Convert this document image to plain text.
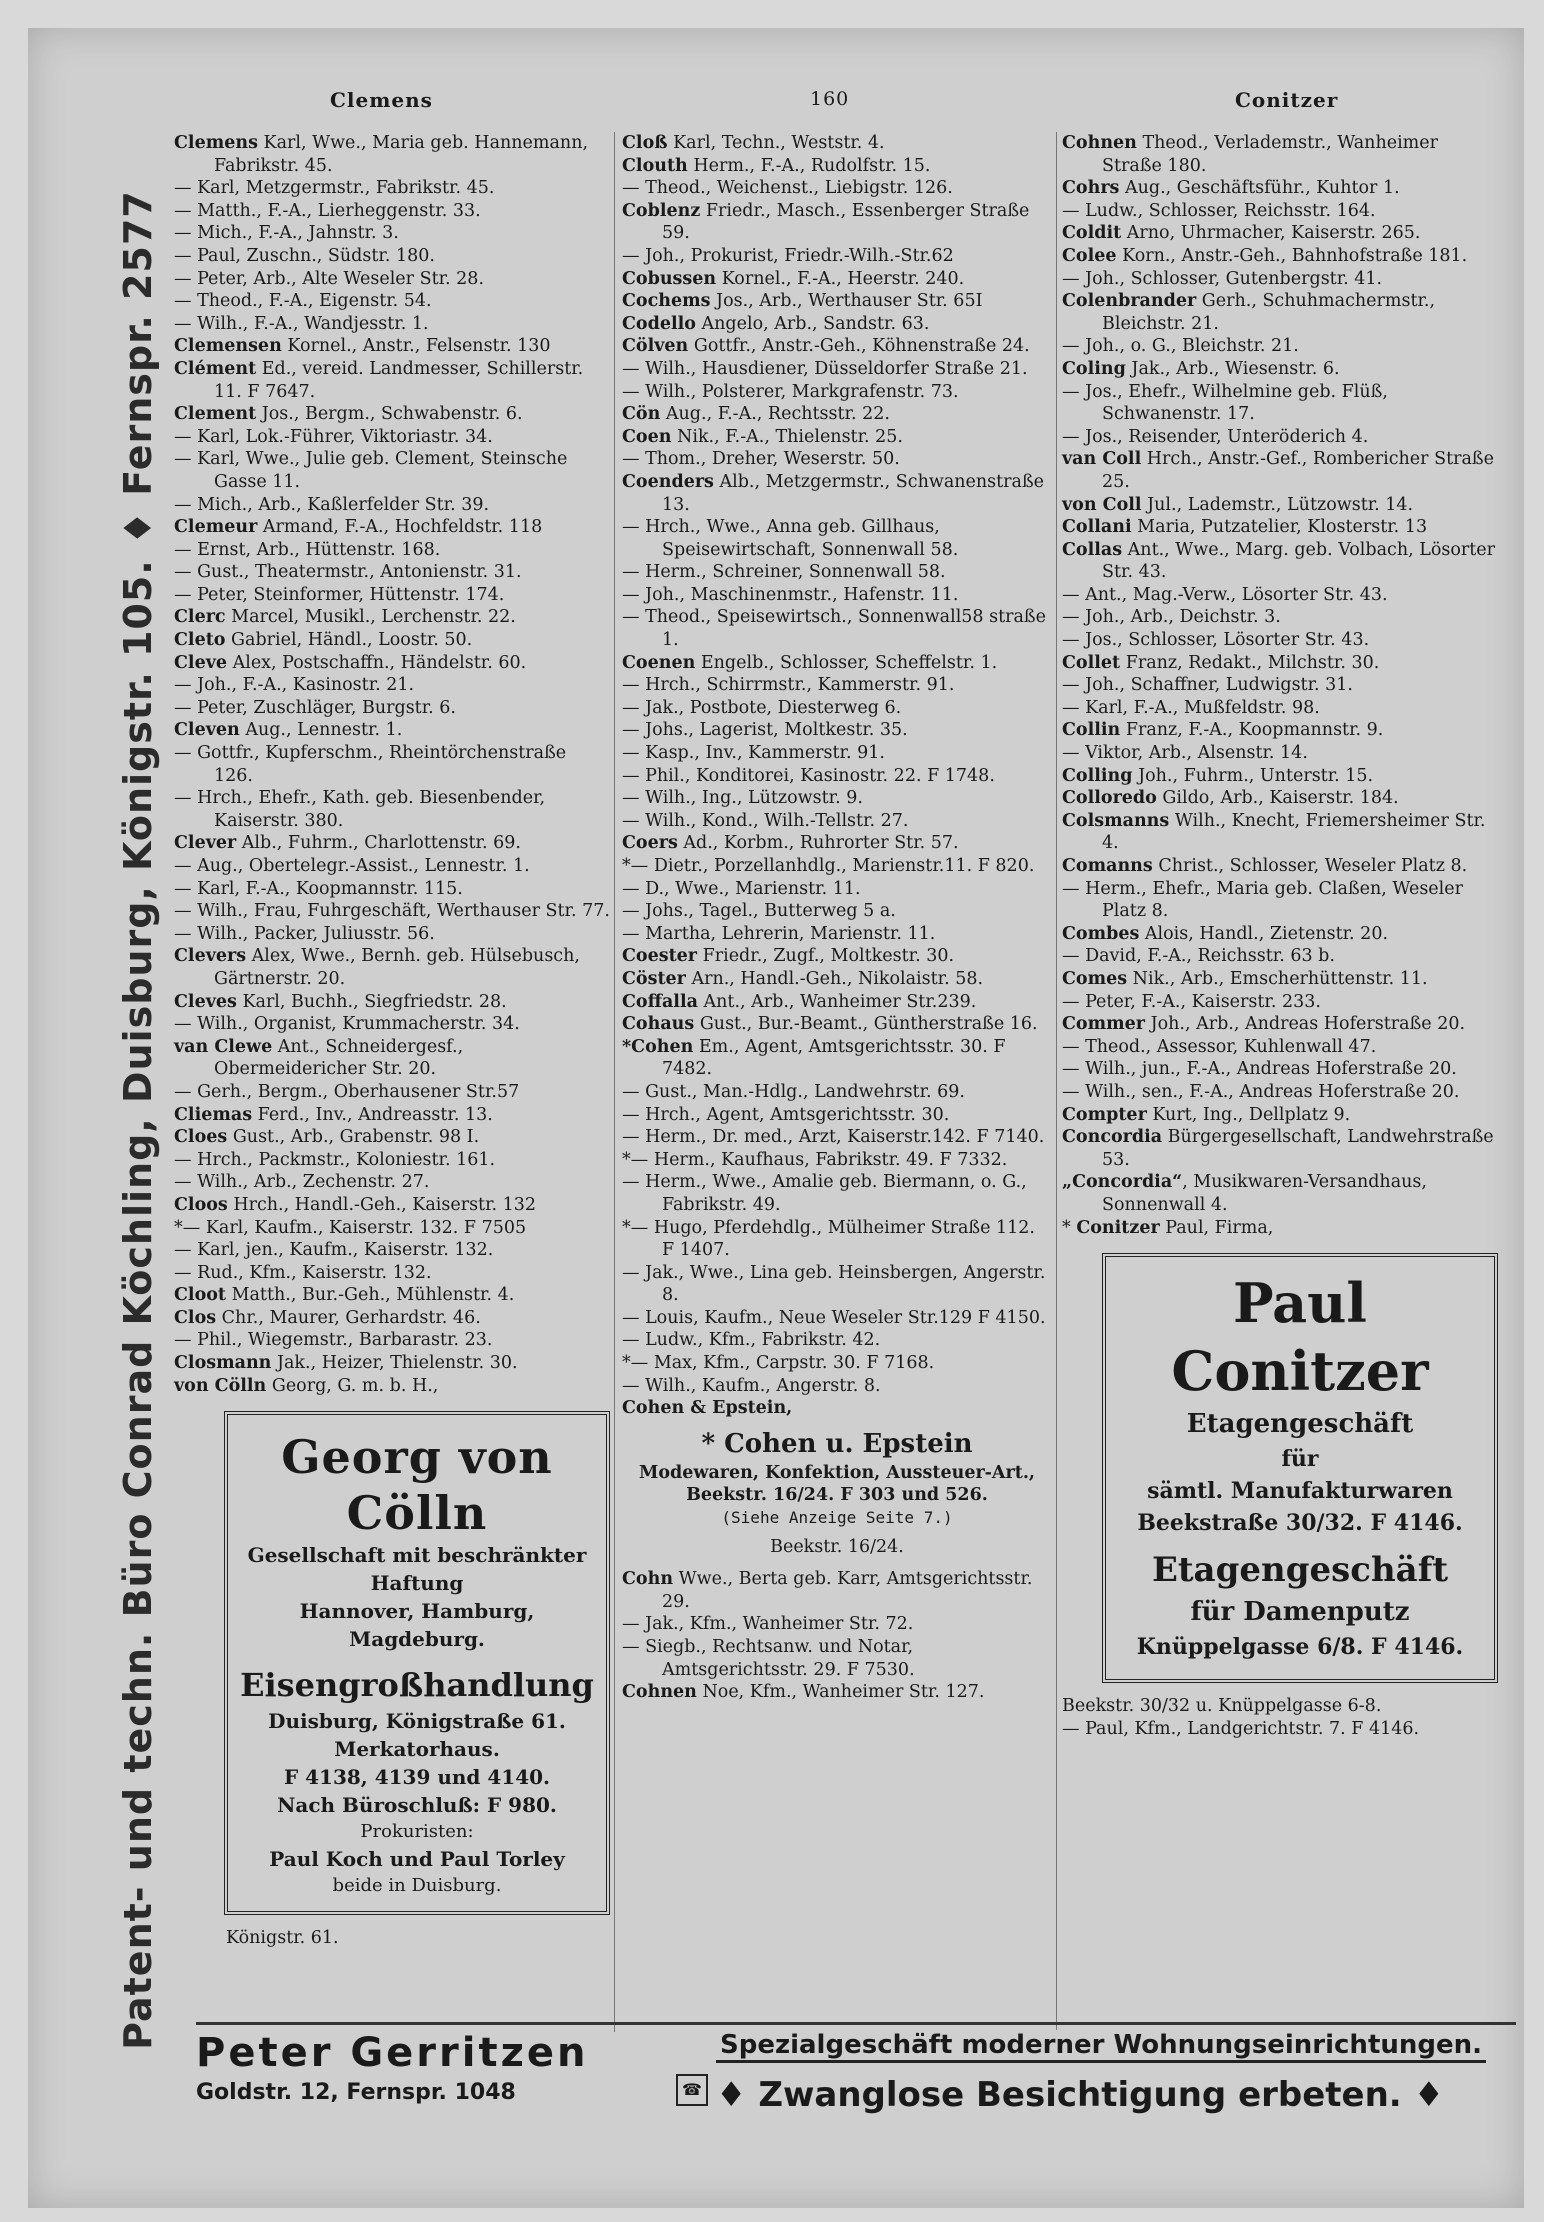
Patent- und techn. Büro Conrad Köchling, Duisburg, Königstr. 105. ♦ Fernspr. 2577
Clemens	160	Conitzer
Clemens Karl, Wwe., Maria geb. Hannemann, Fabrikstr. 45.
— Karl, Metzgermstr., Fabrikstr. 45.
— Matth., F.-A., Lierheggenstr. 33.
— Mich., F.-A., Jahnstr. 3.
— Paul, Zuschn., Südstr. 180.
— Peter, Arb., Alte Weseler Str. 28.
— Theod., F.-A., Eigenstr. 54.
— Wilh., F.-A., Wandjesstr. 1.
Clemensen Kornel., Anstr., Felsenstr. 130
Clément Ed., vereid. Landmesser, Schillerstr. 11. F 7647.
Clement Jos., Bergm., Schwabenstr. 6.
— Karl, Lok.-Führer, Viktoriastr. 34.
— Karl, Wwe., Julie geb. Clement, Steinsche Gasse 11.
— Mich., Arb., Kaßlerfelder Str. 39.
Clemeur Armand, F.-A., Hochfeldstr. 118
— Ernst, Arb., Hüttenstr. 168.
— Gust., Theatermstr., Antonienstr. 31.
— Peter, Steinformer, Hüttenstr. 174.
Clerc Marcel, Musikl., Lerchenstr. 22.
Cleto Gabriel, Händl., Loostr. 50.
Cleve Alex, Postschaffn., Händelstr. 60.
— Joh., F.-A., Kasinostr. 21.
— Peter, Zuschläger, Burgstr. 6.
Cleven Aug., Lennestr. 1.
— Gottfr., Kupferschm., Rheintörchenstraße 126.
— Hrch., Ehefr., Kath. geb. Biesenbender, Kaiserstr. 380.
Clever Alb., Fuhrm., Charlottenstr. 69.
— Aug., Obertelegr.-Assist., Lennestr. 1.
— Karl, F.-A., Koopmannstr. 115.
— Wilh., Frau, Fuhrgeschäft, Werthauser Str. 77.
— Wilh., Packer, Juliusstr. 56.
Clevers Alex, Wwe., Bernh. geb. Hülsebusch, Gärtnerstr. 20.
Cleves Karl, Buchh., Siegfriedstr. 28.
— Wilh., Organist, Krummacherstr. 34.
van Clewe Ant., Schneidergesf., Obermeidericher Str. 20.
— Gerh., Bergm., Oberhausener Str.57
Cliemas Ferd., Inv., Andreasstr. 13.
Cloes Gust., Arb., Grabenstr. 98 I.
— Hrch., Packmstr., Koloniestr. 161.
— Wilh., Arb., Zechenstr. 27.
Cloos Hrch., Handl.-Geh., Kaiserstr. 132
*— Karl, Kaufm., Kaiserstr. 132. F 7505
— Karl, jen., Kaufm., Kaiserstr. 132.
— Rud., Kfm., Kaiserstr. 132.
Cloot Matth., Bur.-Geh., Mühlenstr. 4.
Clos Chr., Maurer, Gerhardstr. 46.
— Phil., Wiegemstr., Barbarastr. 23.
Closmann Jak., Heizer, Thielenstr. 30.
von Cölln Georg, G. m. b. H.,
Georg von Cölln
Gesellschaft mit beschränkter Haftung
Hannover, Hamburg, Magdeburg.
Eisengroßhandlung
Duisburg, Königstraße 61.
Merkatorhaus.
F 4138, 4139 und 4140.
Nach Büroschluß: F 980.
Prokuristen:
Paul Koch und Paul Torley
beide in Duisburg.
Königstr. 61.
Cloß Karl, Techn., Weststr. 4.
Clouth Herm., F.-A., Rudolfstr. 15.
— Theod., Weichenst., Liebigstr. 126.
Coblenz Friedr., Masch., Essenberger Straße 59.
— Joh., Prokurist, Friedr.-Wilh.-Str.62
Cobussen Kornel., F.-A., Heerstr. 240.
Cochems Jos., Arb., Werthauser Str. 65I
Codello Angelo, Arb., Sandstr. 63.
Cölven Gottfr., Anstr.-Geh., Köhnenstraße 24.
— Wilh., Hausdiener, Düsseldorfer Straße 21.
— Wilh., Polsterer, Markgrafenstr. 73.
Cön Aug., F.-A., Rechtsstr. 22.
Coen Nik., F.-A., Thielenstr. 25.
— Thom., Dreher, Weserstr. 50.
Coenders Alb., Metzgermstr., Schwanenstraße 13.
— Hrch., Wwe., Anna geb. Gillhaus, Speisewirtschaft, Sonnenwall 58.
— Herm., Schreiner, Sonnenwall 58.
— Joh., Maschinenmstr., Hafenstr. 11.
— Theod., Speisewirtsch., Sonnenwall58 straße 1.
Coenen Engelb., Schlosser, Scheffelstr. 1.
— Hrch., Schirrmstr., Kammerstr. 91.
— Jak., Postbote, Diesterweg 6.
— Johs., Lagerist, Moltkestr. 35.
— Kasp., Inv., Kammerstr. 91.
— Phil., Konditorei, Kasinostr. 22. F 1748.
— Wilh., Ing., Lützowstr. 9.
— Wilh., Kond., Wilh.-Tellstr. 27.
Coers Ad., Korbm., Ruhrorter Str. 57.
*— Dietr., Porzellanhdlg., Marienstr.11. F 820.
— D., Wwe., Marienstr. 11.
— Johs., Tagel., Butterweg 5 a.
— Martha, Lehrerin, Marienstr. 11.
Coester Friedr., Zugf., Moltkestr. 30.
Cöster Arn., Handl.-Geh., Nikolaistr. 58.
Coffalla Ant., Arb., Wanheimer Str.239.
Cohaus Gust., Bur.-Beamt., Güntherstraße 16.
*Cohen Em., Agent, Amtsgerichtsstr. 30. F 7482.
— Gust., Man.-Hdlg., Landwehrstr. 69.
— Hrch., Agent, Amtsgerichtsstr. 30.
— Herm., Dr. med., Arzt, Kaiserstr.142. F 7140.
*— Herm., Kaufhaus, Fabrikstr. 49. F 7332.
— Herm., Wwe., Amalie geb. Biermann, o. G., Fabrikstr. 49.
*— Hugo, Pferdehdlg., Mülheimer Straße 112. F 1407.
— Jak., Wwe., Lina geb. Heinsbergen, Angerstr. 8.
— Louis, Kaufm., Neue Weseler Str.129 F 4150.
— Ludw., Kfm., Fabrikstr. 42.
*— Max, Kfm., Carpstr. 30. F 7168.
— Wilh., Kaufm., Angerstr. 8.
Cohen & Epstein,
* Cohen u. Epstein
Modewaren, Konfektion, Aussteuer-Art., Beekstr. 16/24. F 303 und 526.
(Siehe Anzeige Seite 7.)
Beekstr. 16/24.
Cohn Wwe., Berta geb. Karr, Amtsgerichtsstr. 29.
— Jak., Kfm., Wanheimer Str. 72.
— Siegb., Rechtsanw. und Notar, Amtsgerichtsstr. 29. F 7530.
Cohnen Noe, Kfm., Wanheimer Str. 127.
Cohnen Theod., Verlademstr., Wanheimer Straße 180.
Cohrs Aug., Geschäftsführ., Kuhtor 1.
— Ludw., Schlosser, Reichsstr. 164.
Coldit Arno, Uhrmacher, Kaiserstr. 265.
Colee Korn., Anstr.-Geh., Bahnhofstraße 181.
— Joh., Schlosser, Gutenbergstr. 41.
Colenbrander Gerh., Schuhmachermstr., Bleichstr. 21.
— Joh., o. G., Bleichstr. 21.
Coling Jak., Arb., Wiesenstr. 6.
— Jos., Ehefr., Wilhelmine geb. Flüß, Schwanenstr. 17.
— Jos., Reisender, Unteröderich 4.
van Coll Hrch., Anstr.-Gef., Rombericher Straße 25.
von Coll Jul., Lademstr., Lützowstr. 14.
Collani Maria, Putzatelier, Klosterstr. 13
Collas Ant., Wwe., Marg. geb. Volbach, Lösorter Str. 43.
— Ant., Mag.-Verw., Lösorter Str. 43.
— Joh., Arb., Deichstr. 3.
— Jos., Schlosser, Lösorter Str. 43.
Collet Franz, Redakt., Milchstr. 30.
— Joh., Schaffner, Ludwigstr. 31.
— Karl, F.-A., Mußfeldstr. 98.
Collin Franz, F.-A., Koopmannstr. 9.
— Viktor, Arb., Alsenstr. 14.
Colling Joh., Fuhrm., Unterstr. 15.
Colloredo Gildo, Arb., Kaiserstr. 184.
Colsmanns Wilh., Knecht, Friemersheimer Str. 4.
Comanns Christ., Schlosser, Weseler Platz 8.
— Herm., Ehefr., Maria geb. Claßen, Weseler Platz 8.
Combes Alois, Handl., Zietenstr. 20.
— David, F.-A., Reichsstr. 63 b.
Comes Nik., Arb., Emscherhüttenstr. 11.
— Peter, F.-A., Kaiserstr. 233.
Commer Joh., Arb., Andreas Hoferstraße 20.
— Theod., Assessor, Kuhlenwall 47.
— Wilh., jun., F.-A., Andreas Hoferstraße 20.
— Wilh., sen., F.-A., Andreas Hoferstraße 20.
Compter Kurt, Ing., Dellplatz 9.
Concordia Bürgergesellschaft, Landwehrstraße 53.
„Concordia“, Musikwaren-Versandhaus, Sonnenwall 4.
* Conitzer Paul, Firma,
Paul Conitzer
Etagengeschäft
für
sämtl. Manufakturwaren
Beekstraße 30/32. F 4146.
Etagengeschäft
für Damenputz
Knüppelgasse 6/8. F 4146.
Beekstr. 30/32 u. Knüppelgasse 6-8.
— Paul, Kfm., Landgerichtstr. 7. F 4146.
Peter Gerritzen
Goldstr. 12, Fernspr. 1048	☎
Spezialgeschäft moderner Wohnungseinrichtungen.
♦ Zwanglose Besichtigung erbeten. ♦
